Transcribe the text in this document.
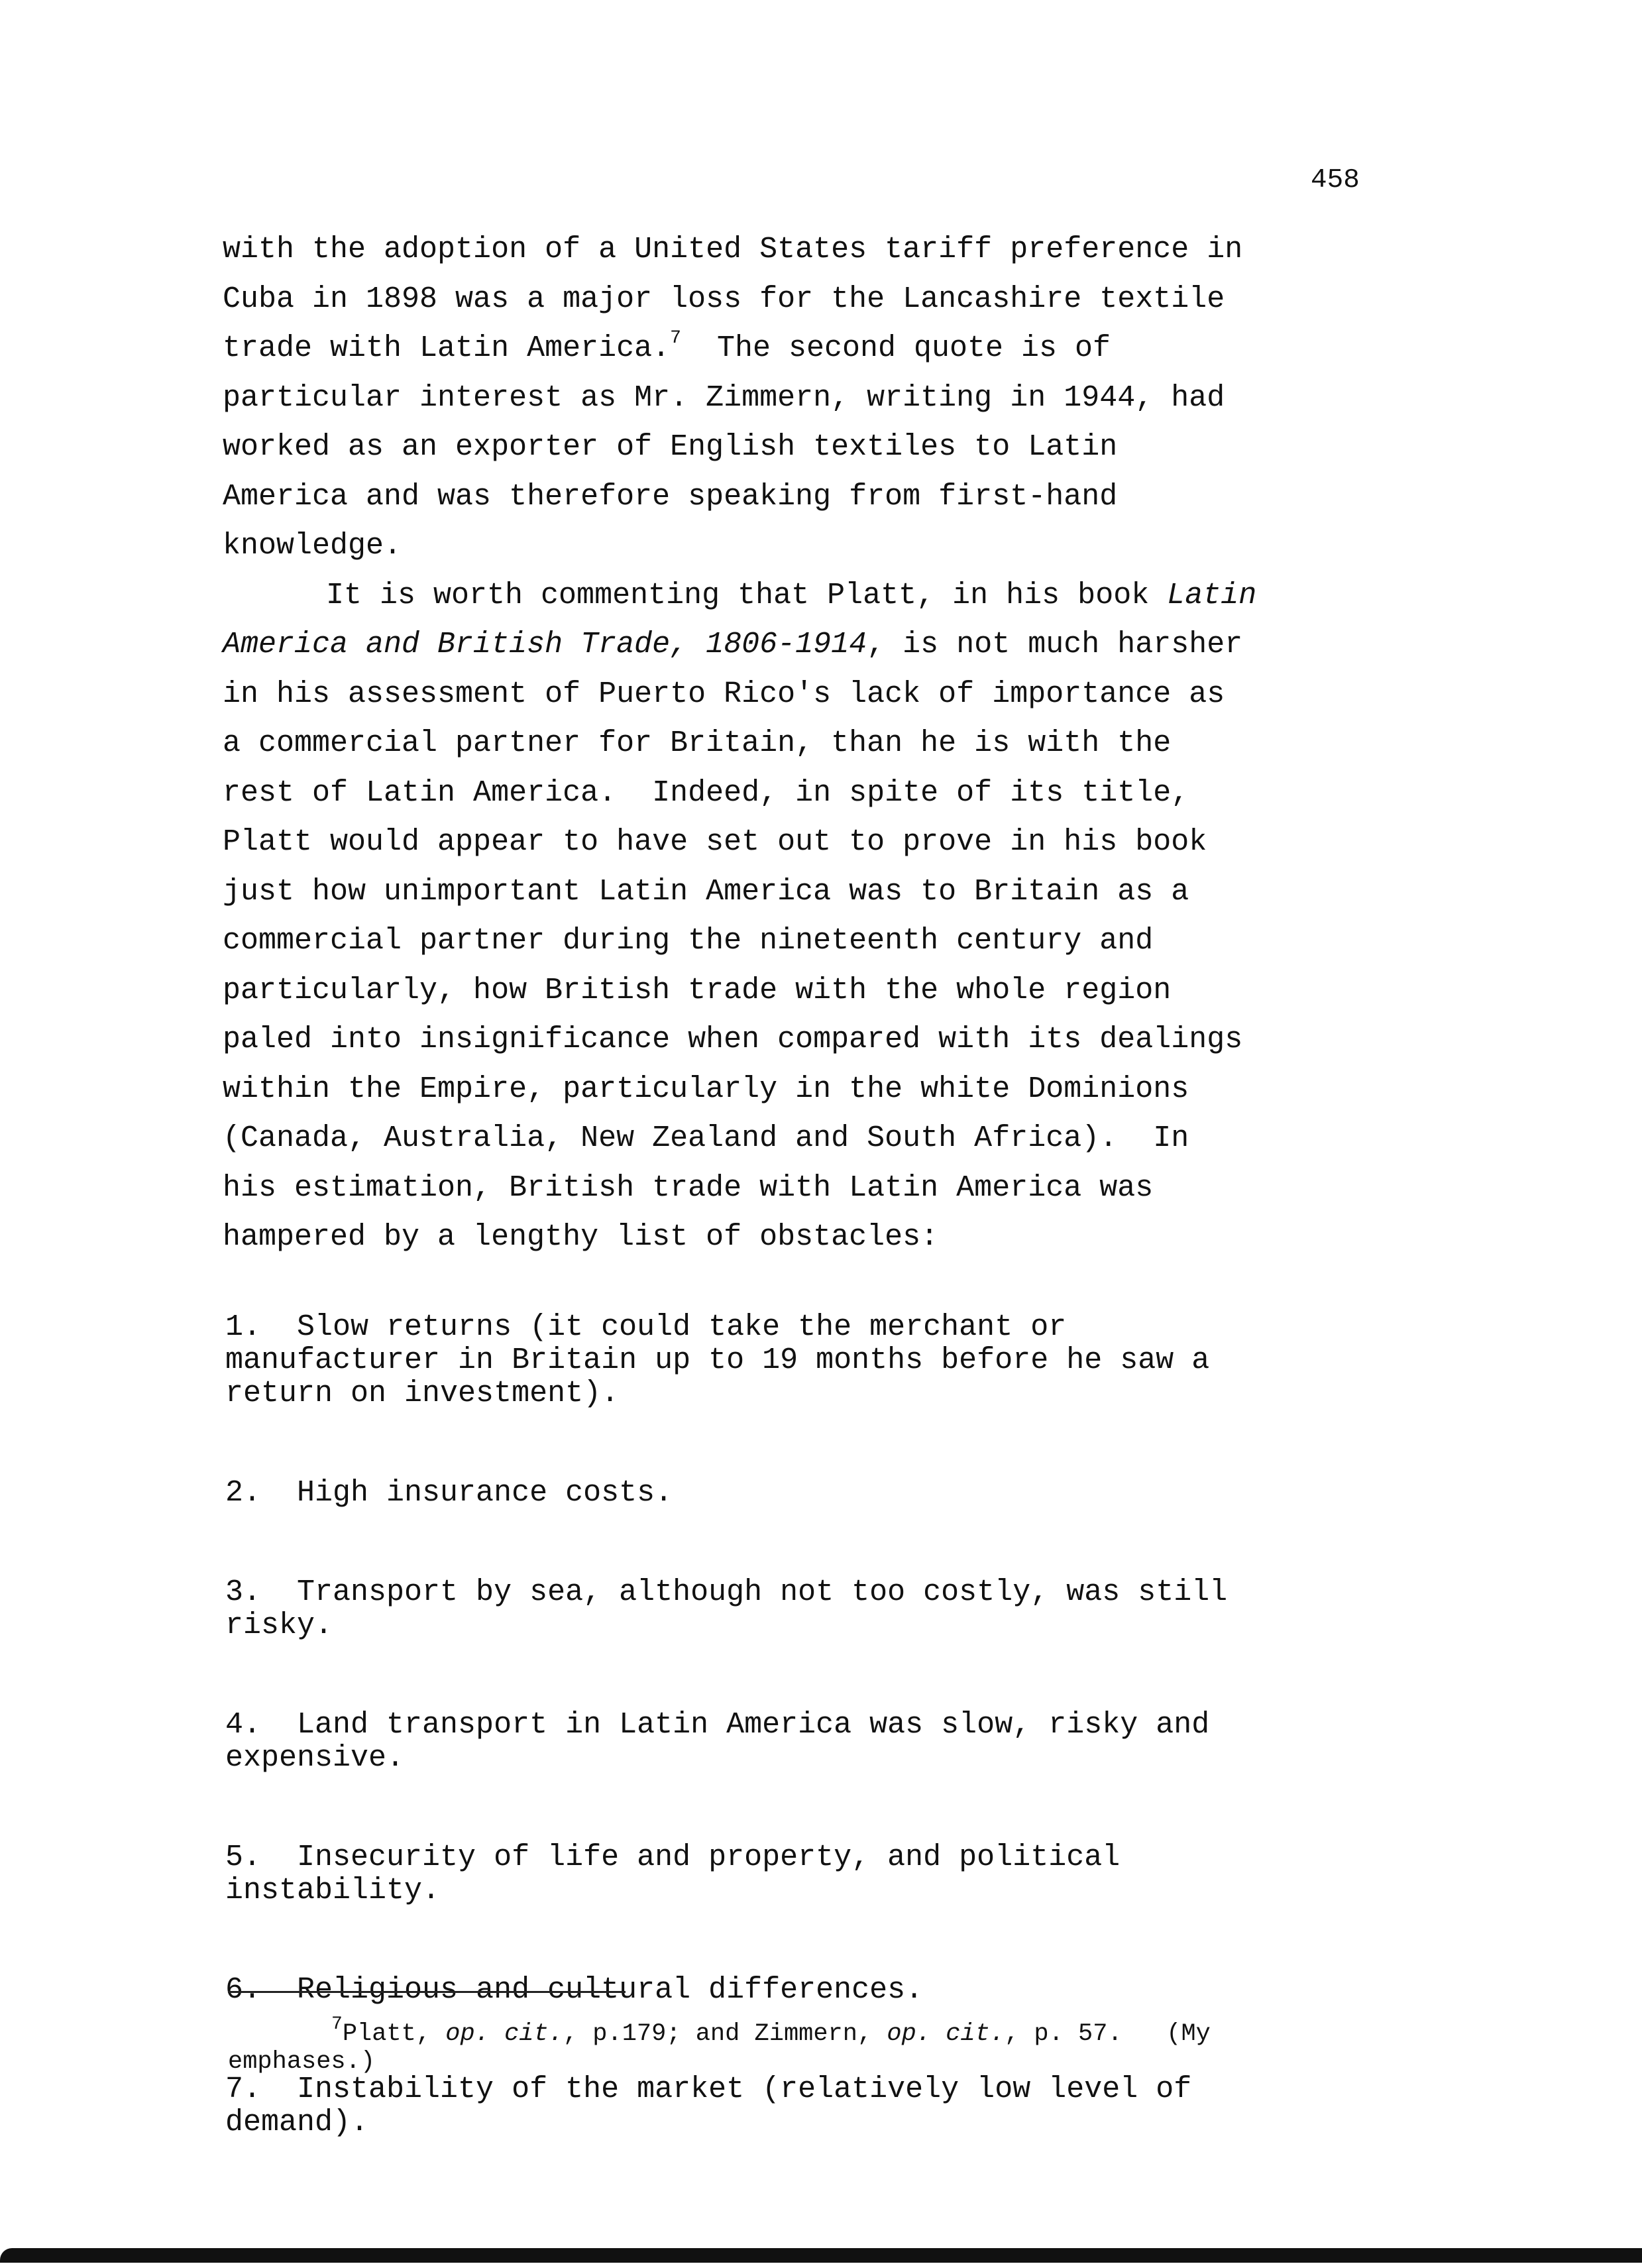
458

with the adoption of a United States tariff preference in
Cuba in 1898 was a major loss for the Lancashire textile
trade with Latin America.$^7$  The second quote is of
particular interest as Mr. Zimmern, writing in 1944, had
worked as an exporter of English textiles to Latin
America and was therefore speaking from first-hand
knowledge.

It is worth commenting that Platt, in his book Latin
America and British Trade, 1806-1914, is not much harsher
in his assessment of Puerto Rico's lack of importance as
a commercial partner for Britain, than he is with the
rest of Latin America.  Indeed, in spite of its title,
Platt would appear to have set out to prove in his book
just how unimportant Latin America was to Britain as a
commercial partner during the nineteenth century and
particularly, how British trade with the whole region
paled into insignificance when compared with its dealings
within the Empire, particularly in the white Dominions
(Canada, Australia, New Zealand and South Africa).  In
his estimation, British trade with Latin America was
hampered by a lengthy list of obstacles:

1.  Slow returns (it could take the merchant or
manufacturer in Britain up to 19 months before he saw a
return on investment).
2.  High insurance costs.
3.  Transport by sea, although not too costly, was still
risky.
4.  Land transport in Latin America was slow, risky and
expensive.
5.  Insecurity of life and property, and political
instability.
6.  Religious and cultural differences.
7.  Instability of the market (relatively low level of
demand).

$^7$Platt, op. cit., p.179; and Zimmern, op. cit., p. 57.   (My
emphases.)
